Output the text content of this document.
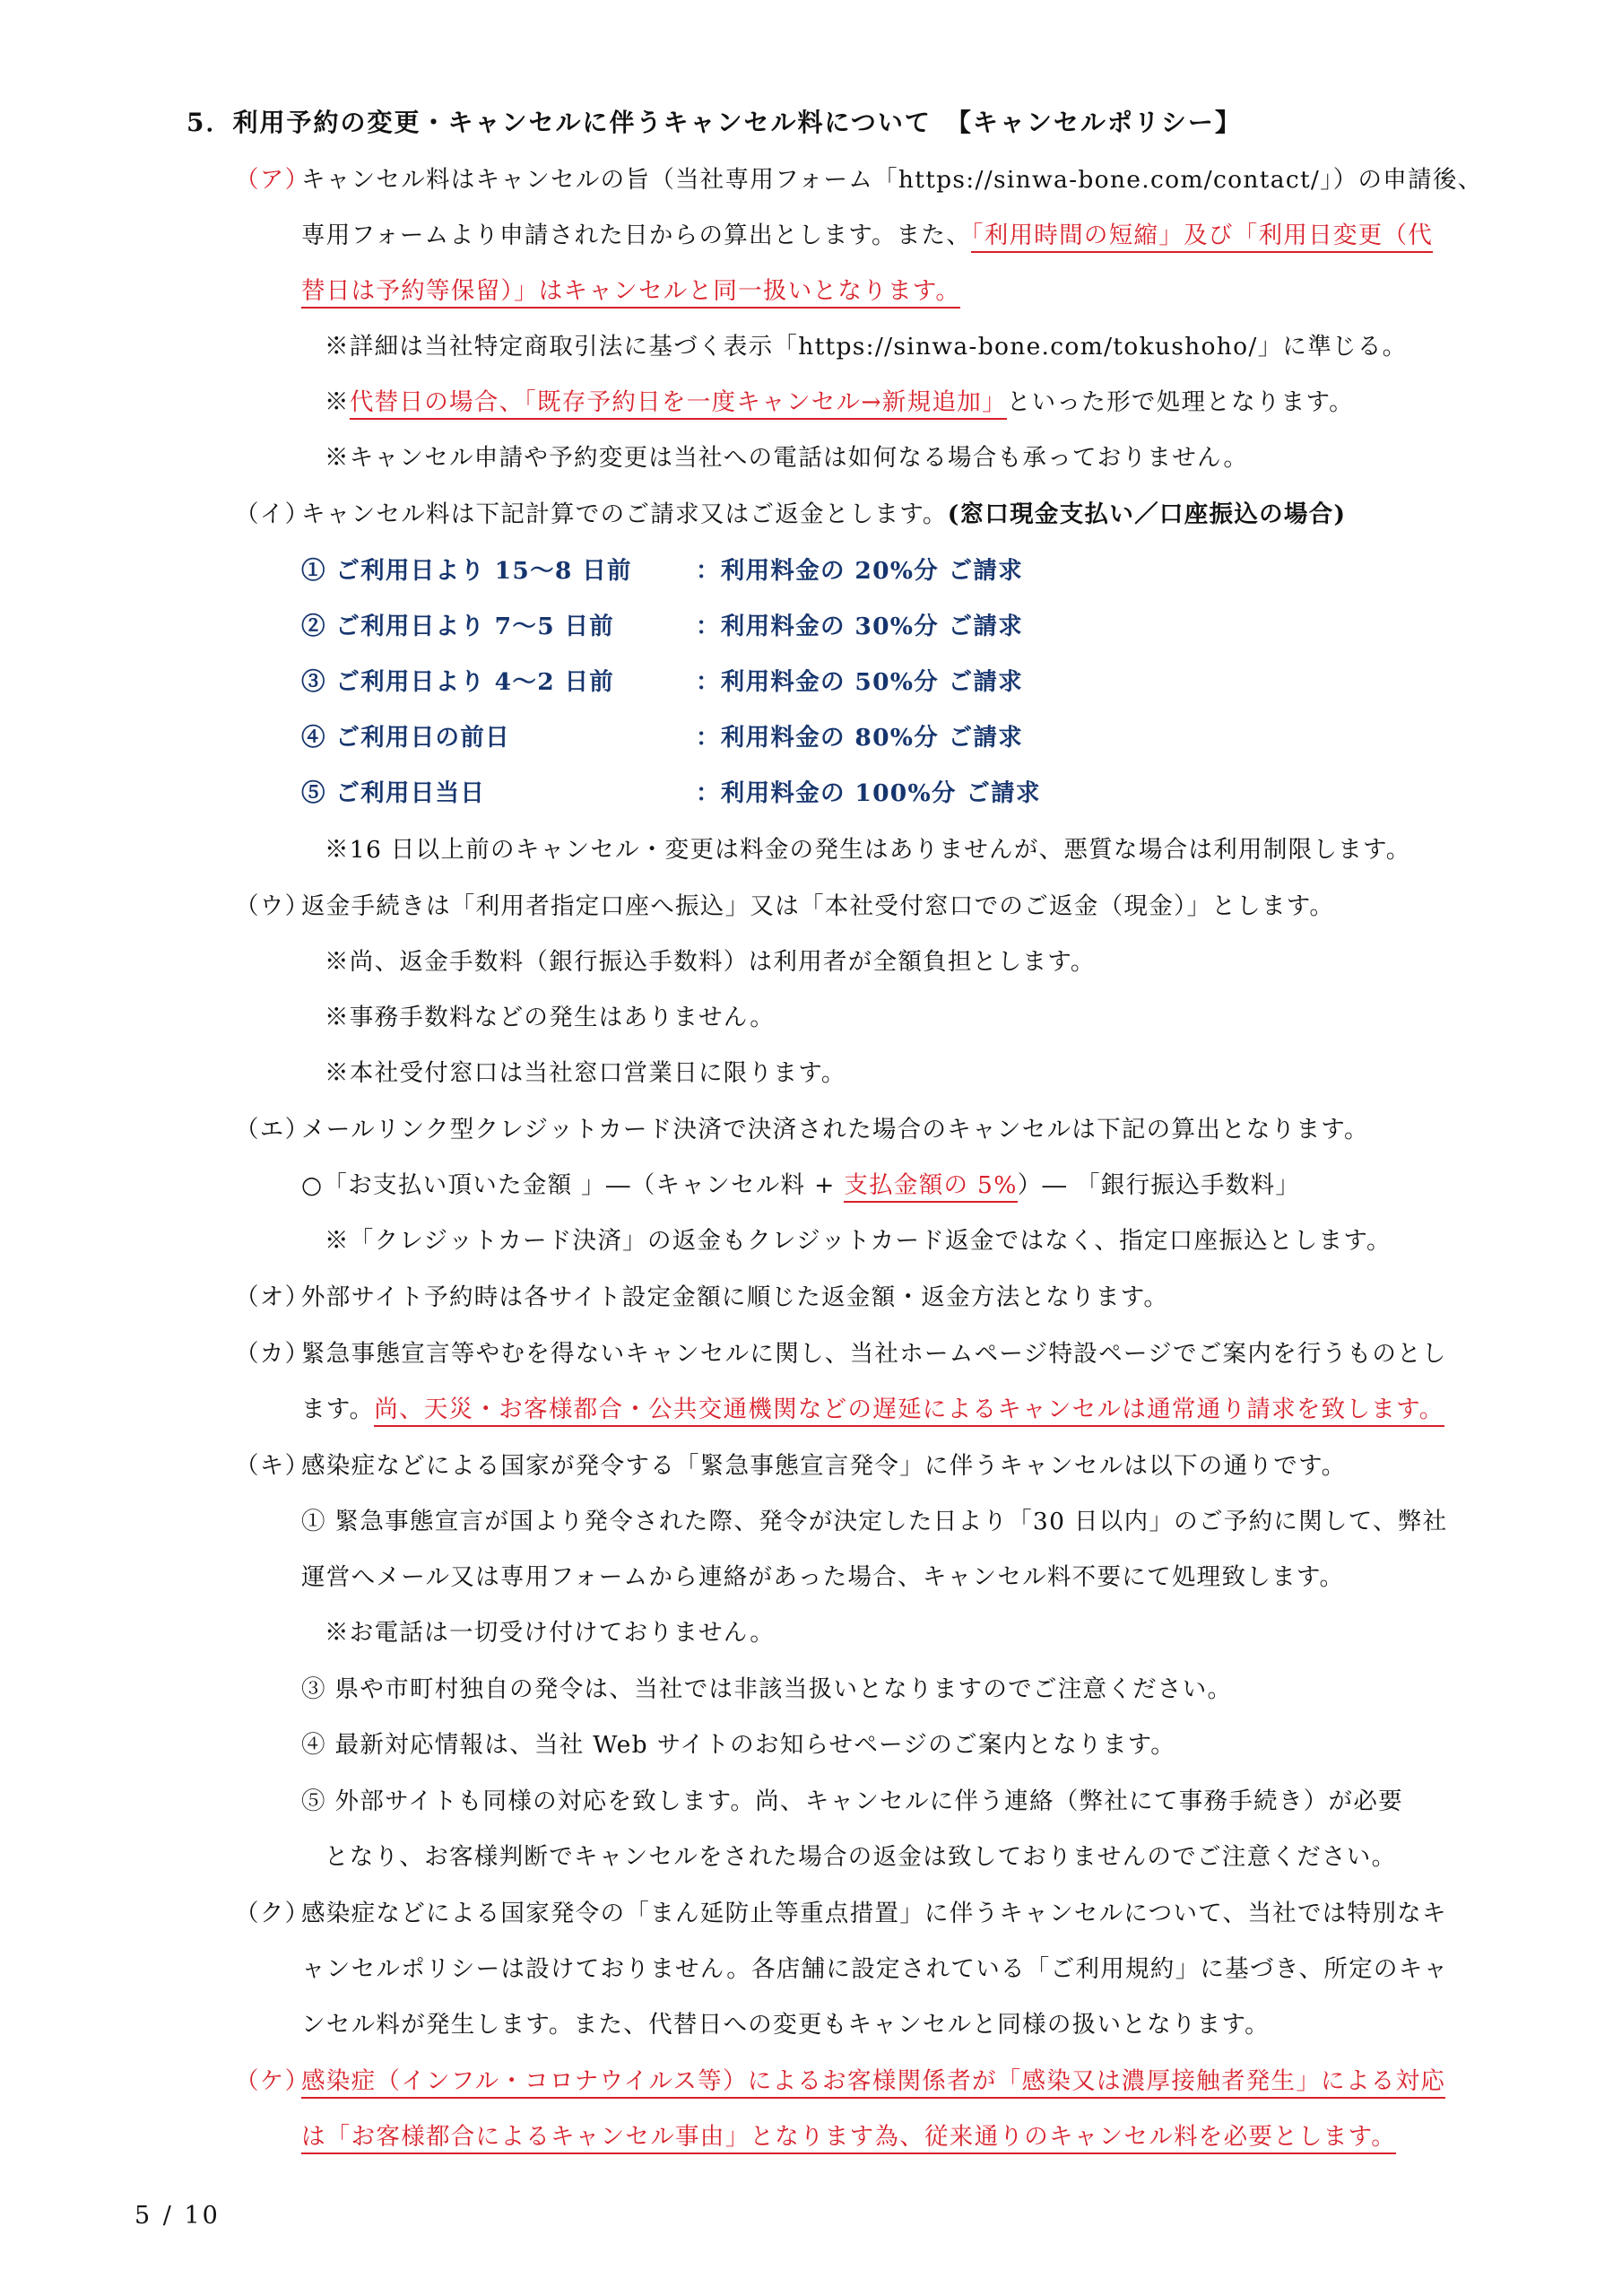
5．利用予約の変更・キャンセルに伴うキャンセル料について　【キャンセルポリシー】
（ア）
キャンセル料はキャンセルの旨（当社専用フォーム「https://sinwa-bone.com/contact/」）の申請後、
専用フォームより申請された日からの算出とします。また、「利用時間の短縮」及び「利用日変更（代
替日は予約等保留）」はキャンセルと同一扱いとなります。
※詳細は当社特定商取引法に基づく表示「https://sinwa-bone.com/tokushoho/」に準じる。
※代替日の場合、「既存予約日を一度キャンセル→新規追加」といった形で処理となります。
※キャンセル申請や予約変更は当社への電話は如何なる場合も承っておりません。
（イ）
キャンセル料は下記計算でのご請求又はご返金とします。(窓口現金支払い／口座振込の場合)
① ご利用日より 15～8 日前	：利用料金の 20%分 ご請求
② ご利用日より 7～5 日前	：利用料金の 30%分 ご請求
③ ご利用日より 4～2 日前	：利用料金の 50%分 ご請求
④ ご利用日の前日	：利用料金の 80%分 ご請求
⑤ ご利用日当日	：利用料金の 100%分 ご請求
※16 日以上前のキャンセル・変更は料金の発生はありませんが、悪質な場合は利用制限します。
（ウ）
返金手続きは「利用者指定口座へ振込」又は「本社受付窓口でのご返金（現金）」とします。
※尚、返金手数料（銀行振込手数料）は利用者が全額負担とします。
※事務手数料などの発生はありません。
※本社受付窓口は当社窓口営業日に限ります。
（エ）
メールリンク型クレジットカード決済で決済された場合のキャンセルは下記の算出となります。
○「お支払い頂いた金額 」―（キャンセル料 + 支払金額の 5%）― 「銀行振込手数料」
※「クレジットカード決済」の返金もクレジットカード返金ではなく、指定口座振込とします。
（オ）
外部サイト予約時は各サイト設定金額に順じた返金額・返金方法となります。
（カ）
緊急事態宣言等やむを得ないキャンセルに関し、当社ホームページ特設ページでご案内を行うものとし
ます。尚、天災・お客様都合・公共交通機関などの遅延によるキャンセルは通常通り請求を致します。
（キ）
感染症などによる国家が発令する「緊急事態宣言発令」に伴うキャンセルは以下の通りです。
① 緊急事態宣言が国より発令された際、発令が決定した日より「30 日以内」のご予約に関して、弊社
運営へメール又は専用フォームから連絡があった場合、キャンセル料不要にて処理致します。
※お電話は一切受け付けておりません。
③ 県や市町村独自の発令は、当社では非該当扱いとなりますのでご注意ください。
④ 最新対応情報は、当社 Web サイトのお知らせページのご案内となります。
⑤ 外部サイトも同様の対応を致します。尚、キャンセルに伴う連絡（弊社にて事務手続き）が必要
となり、お客様判断でキャンセルをされた場合の返金は致しておりませんのでご注意ください。
（ク）
感染症などによる国家発令の「まん延防止等重点措置」に伴うキャンセルについて、当社では特別なキ
ャンセルポリシーは設けておりません。各店舗に設定されている「ご利用規約」に基づき、所定のキャ
ンセル料が発生します。また、代替日への変更もキャンセルと同様の扱いとなります。
（ケ）
感染症（インフル・コロナウイルス等）によるお客様関係者が「感染又は濃厚接触者発生」による対応
は「お客様都合によるキャンセル事由」となります為、従来通りのキャンセル料を必要とします。
5 / 10
